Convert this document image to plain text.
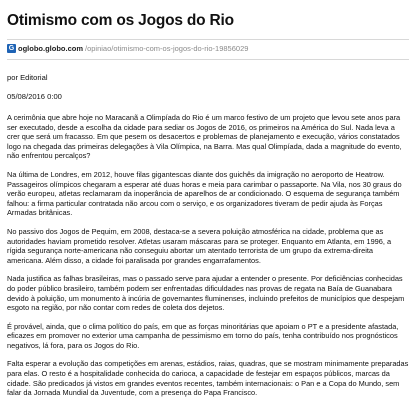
Otimismo com os Jogos do Rio
G oglobo.globo.com /opiniao/otimismo-com-os-jogos-do-rio-19856029

por Editorial

05/08/2016 0:00

A cerimônia que abre hoje no Maracanã a Olimpíada do Rio é um marco festivo de um projeto que levou sete anos para ser executado, desde a escolha da cidade para sediar os Jogos de 2016, os primeiros na América do Sul. Nada leva a crer que será um fracasso. Em que pesem os desacertos e problemas de planejamento e execução, vários constatados logo na chegada das primeiras delegações à Vila Olímpica, na Barra. Mas qual Olimpíada, dada a magnitude do evento, não enfrentou percalços?

Na última de Londres, em 2012, houve filas gigantescas diante dos guichês da imigração no aeroporto de Heatrow. Passageiros olímpicos chegaram a esperar até duas horas e meia para carimbar o passaporte. Na Vila, nos 30 graus do verão europeu, atletas reclamaram da inoperância de aparelhos de ar condicionado. O esquema de segurança também falhou: a firma particular contratada não arcou com o serviço, e os organizadores tiveram de pedir ajuda às Forças Armadas britânicas.

No passivo dos Jogos de Pequim, em 2008, destaca-se a severa poluição atmosférica na cidade, problema que as autoridades haviam prometido resolver. Atletas usaram máscaras para se proteger. Enquanto em Atlanta, em 1996, a rígida segurança norte-americana não conseguiu abortar um atentado terrorista de um grupo da extrema-direita americana. Além disso, a cidade foi paralisada por grandes engarrafamentos.

Nada justifica as falhas brasileiras, mas o passado serve para ajudar a entender o presente. Por deficiências conhecidas do poder público brasileiro, também podem ser enfrentadas dificuldades nas provas de regata na Baía de Guanabara devido à poluição, um monumento à incúria de governantes fluminenses, incluindo prefeitos de municípios que despejam esgoto na região, por não contar com redes de coleta dos dejetos.

É provável, ainda, que o clima político do país, em que as forças minoritárias que apoiam o PT e a presidente afastada, eficazes em promover no exterior uma campanha de pessimismo em torno do país, tenha contribuído nos prognósticos negativos, lá fora, para os Jogos do Rio.

Falta esperar a evolução das competições em arenas, estádios, raias, quadras, que se mostram minimamente preparadas para elas. O resto é a hospitalidade conhecida do carioca, a capacidade de festejar em espaços públicos, marcas da cidade. São predicados já vistos em grandes eventos recentes, também internacionais: o Pan e a Copa do Mundo, sem falar da Jornada Mundial da Juventude, com a presença do Papa Francisco.
